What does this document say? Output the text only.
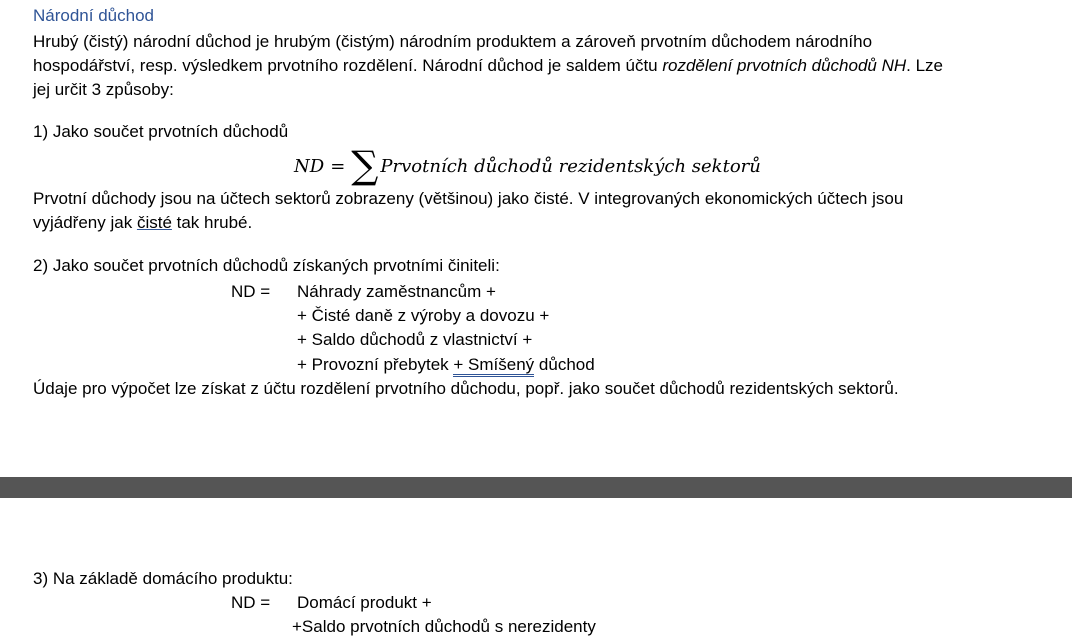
Národní důchod
Hrubý (čistý) národní důchod je hrubým (čistým) národním produktem a zároveň prvotním důchodem národního
hospodářství, resp. výsledkem prvotního rozdělení. Národní důchod je saldem účtu rozdělení prvotních důchodů NH. Lze
jej určit 3 způsoby:
1) Jako součet prvotních důchodů
ND = ∑ Prvotních důchodů rezidentských sektorů
Prvotní důchody jsou na účtech sektorů zobrazeny (většinou) jako čisté. V integrovaných ekonomických účtech jsou
vyjádřeny jak čisté tak hrubé.
2) Jako součet prvotních důchodů získaných prvotními činiteli:
ND = Náhrady zaměstnancům +
+ Čisté daně z výroby a dovozu +
+ Saldo důchodů z vlastnictví +
+ Provozní přebytek + Smíšený důchod
Údaje pro výpočet lze získat z účtu rozdělení prvotního důchodu, popř. jako součet důchodů rezidentských sektorů.
3) Na základě domácího produktu:
ND = Domácí produkt +
+Saldo prvotních důchodů s nerezidenty
